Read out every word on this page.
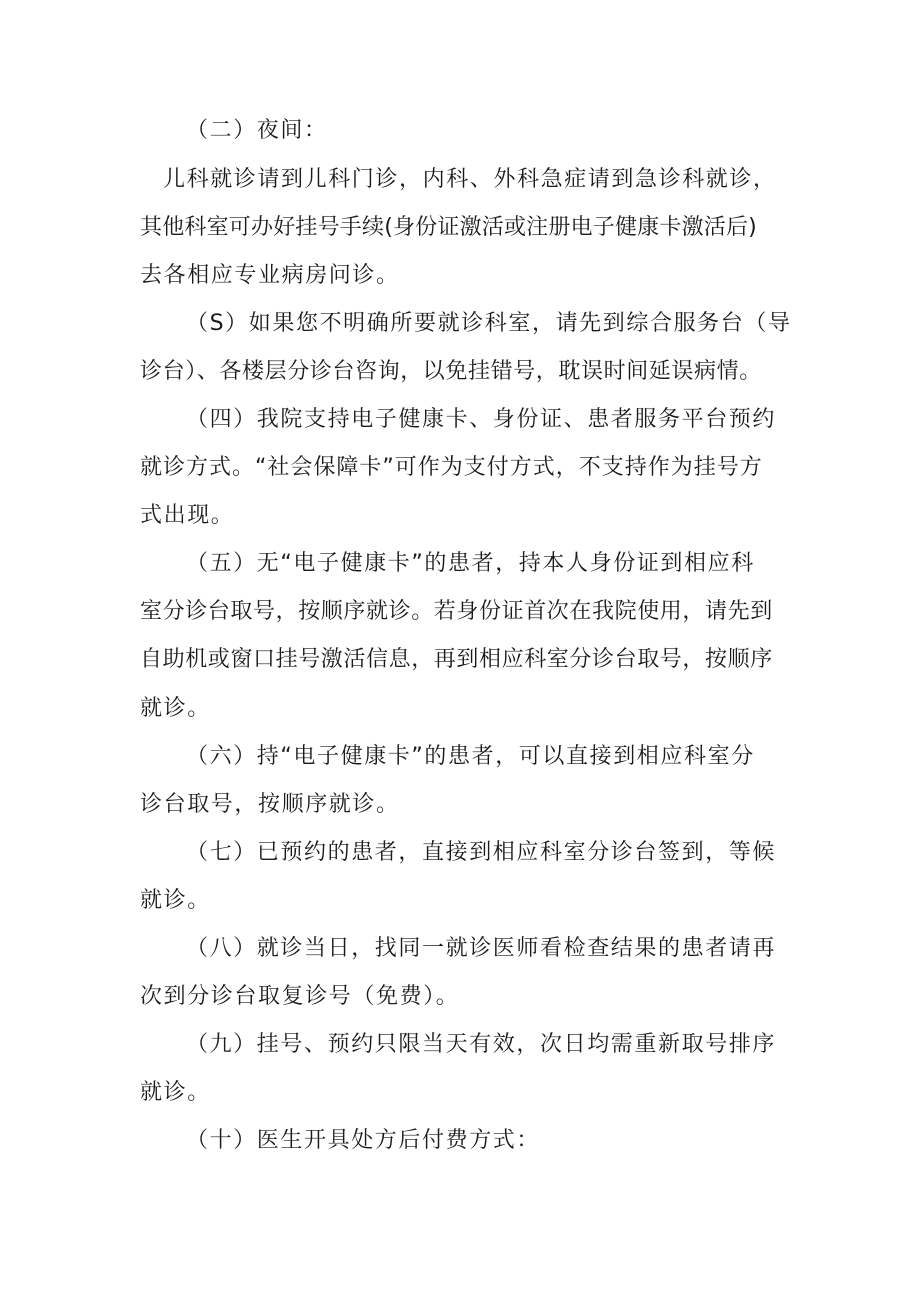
（二）夜间：
儿科就诊请到儿科门诊，内科、外科急症请到急诊科就诊，
其他科室可办好挂号手续(身份证激活或注册电子健康卡激活后)
去各相应专业病房问诊。
（S）如果您不明确所要就诊科室，请先到综合服务台（导
诊台）、各楼层分诊台咨询，以免挂错号，耽误时间延误病情。
（四）我院支持电子健康卡、身份证、患者服务平台预约
就诊方式。“社会保障卡”可作为支付方式，不支持作为挂号方
式出现。
（五）无“电子健康卡”的患者，持本人身份证到相应科
室分诊台取号，按顺序就诊。若身份证首次在我院使用，请先到
自助机或窗口挂号激活信息，再到相应科室分诊台取号，按顺序
就诊。
（六）持“电子健康卡”的患者，可以直接到相应科室分
诊台取号，按顺序就诊。
（七）已预约的患者，直接到相应科室分诊台签到，等候
就诊。
（八）就诊当日，找同一就诊医师看检查结果的患者请再
次到分诊台取复诊号（免费）。
（九）挂号、预约只限当天有效，次日均需重新取号排序
就诊。
（十）医生开具处方后付费方式：
